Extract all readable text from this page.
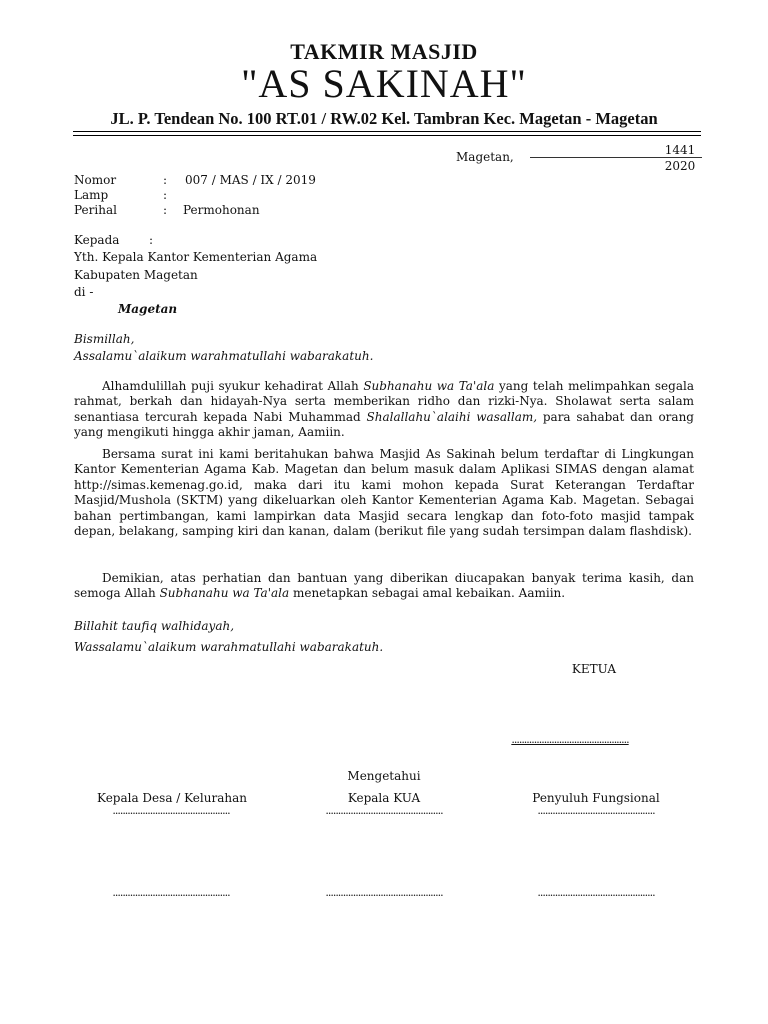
TAKMIR MASJID
"AS SAKINAH"
JL. P. Tendean No. 100 RT.01 / RW.02 Kel. Tambran Kec. Magetan - Magetan
Magetan,	1441
2020
Nomor	: 007 / MAS / IX / 2019
Lamp	:
Perihal	: Permohonan
Kepada :
Yth. Kepala Kantor Kementerian Agama
Kabupaten Magetan
di -
Magetan
Bismillah,
Assalamu`alaikum warahmatullahi wabarakatuh.
Alhamdulillah puji syukur kehadirat Allah Subhanahu wa Ta'ala yang telah melimpahkan segala rahmat, berkah dan hidayah-Nya serta memberikan ridho dan rizki-Nya. Sholawat serta salam senantiasa tercurah kepada Nabi Muhammad Shalallahu`alaihi wasallam, para sahabat dan orang yang mengikuti hingga akhir jaman, Aamiin.
Bersama surat ini kami beritahukan bahwa Masjid As Sakinah belum terdaftar di Lingkungan Kantor Kementerian Agama Kab. Magetan dan belum masuk dalam Aplikasi SIMAS dengan alamat http://simas.kemenag.go.id, maka dari itu kami mohon kepada Surat Keterangan Terdaftar Masjid/Mushola (SKTM) yang dikeluarkan oleh Kantor Kementerian Agama Kab. Magetan. Sebagai bahan pertimbangan, kami lampirkan data Masjid secara lengkap dan foto-foto masjid tampak depan, belakang, samping kiri dan kanan, dalam (berikut file yang sudah tersimpan dalam flashdisk).
Demikian, atas perhatian dan bantuan yang diberikan diucapakan banyak terima kasih, dan semoga Allah Subhanahu wa Ta'ala menetapkan sebagai amal kebaikan. Aamiin.
Billahit taufiq walhidayah,
Wassalamu`alaikum warahmatullahi wabarakatuh.
KETUA
...............................................
Mengetahui
Kepala Desa / Kelurahan	Kepala KUA	Penyuluh Fungsional
...............................................	...............................................	...............................................
...............................................	...............................................	...............................................
